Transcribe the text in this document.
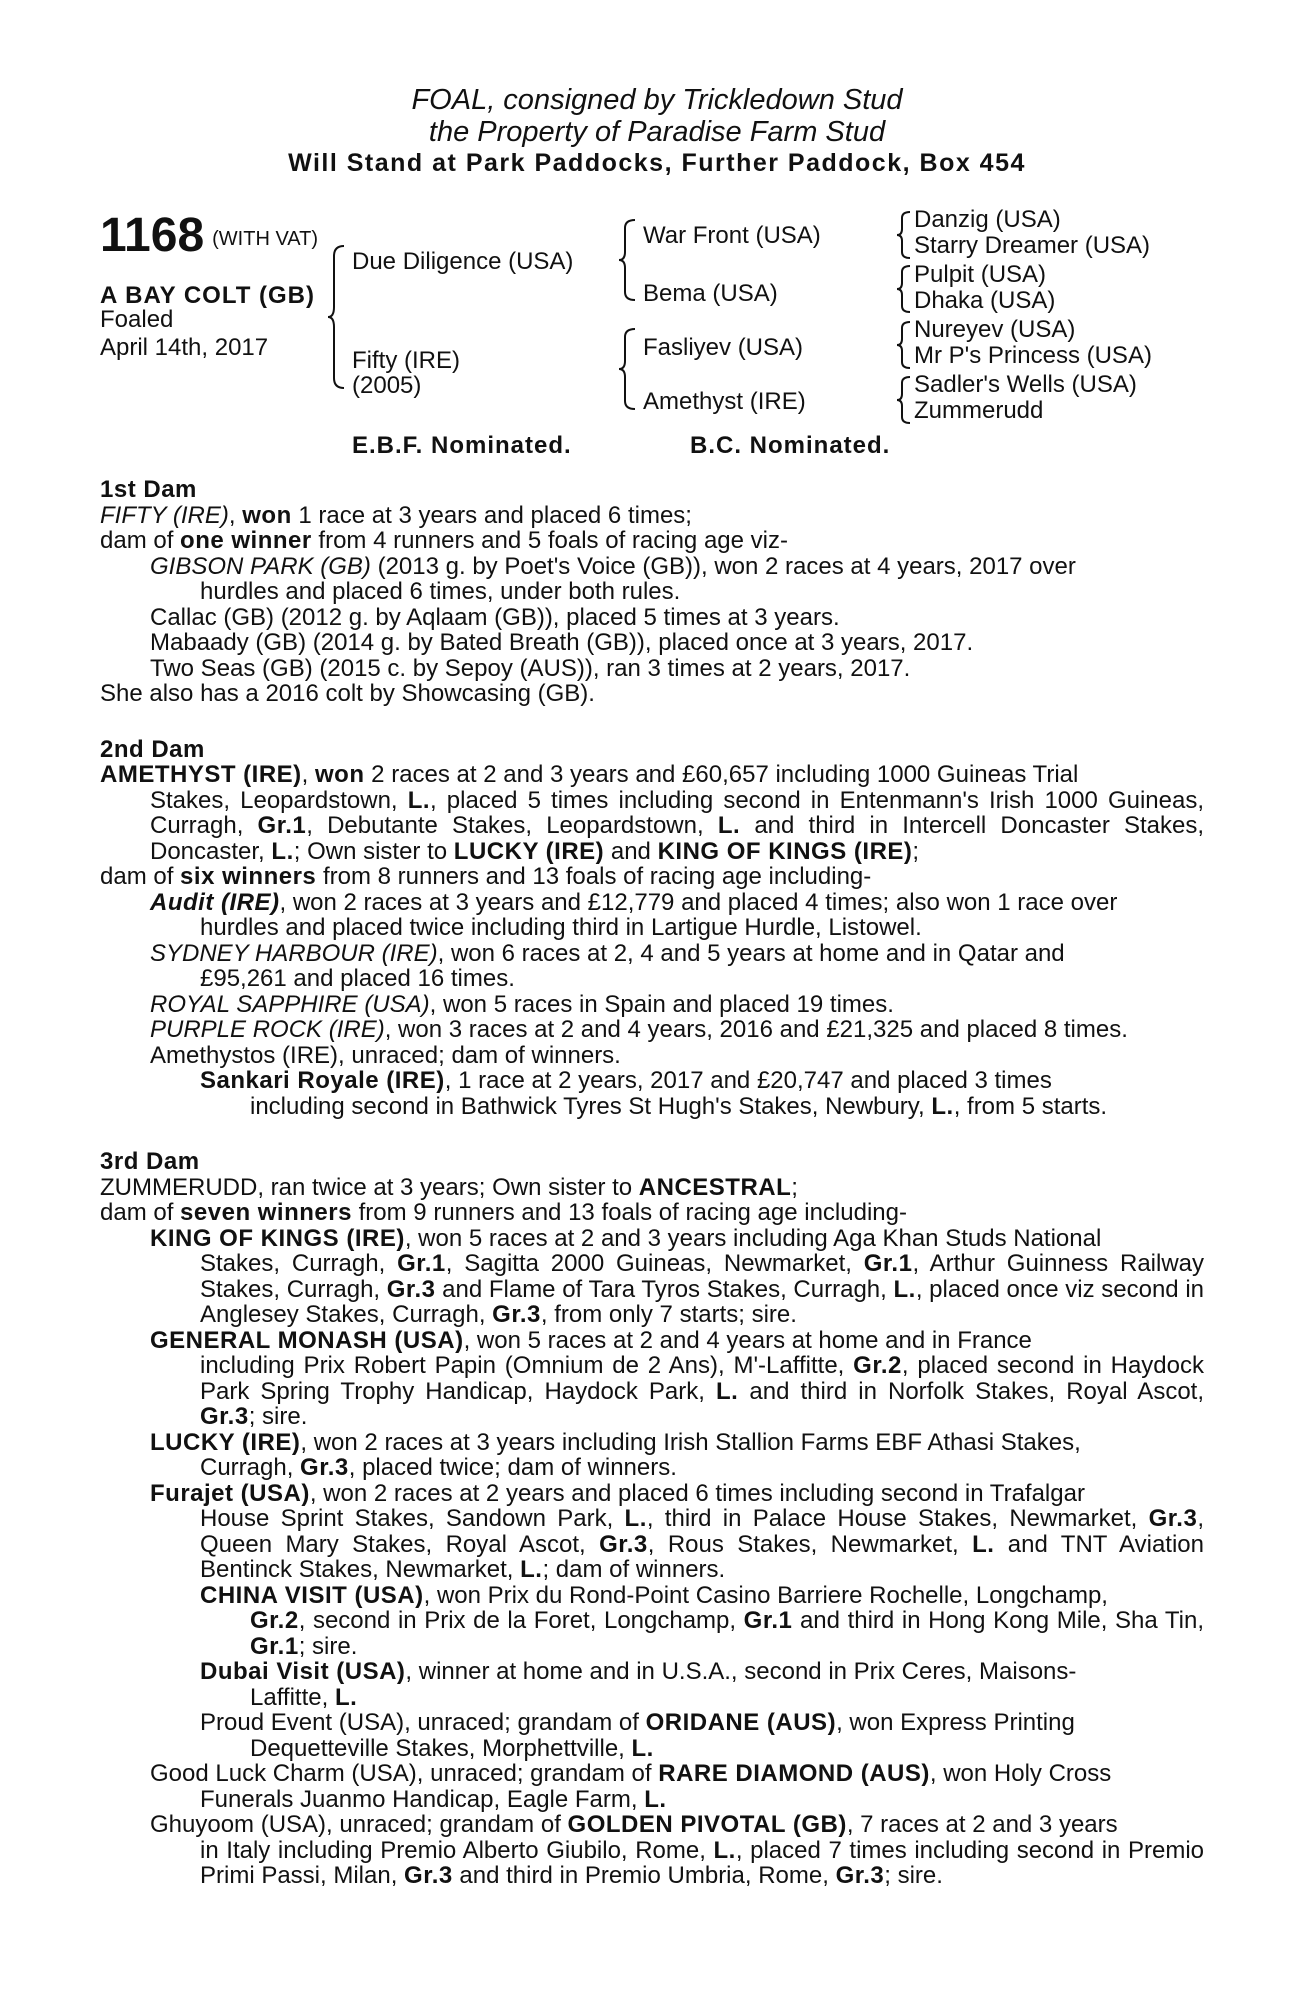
FOAL, consigned by Trickledown Stud
the Property of Paradise Farm Stud
Will Stand at Park Paddocks, Further Paddock, Box 454
1168 (WITH VAT)
A BAY COLT (GB)
Foaled
April 14th, 2017
Due Diligence (USA)
Fifty (IRE)
(2005)
War Front (USA)
Bema (USA)
Fasliyev (USA)
Amethyst (IRE)
Danzig (USA)
Starry Dreamer (USA)
Pulpit (USA)
Dhaka (USA)
Nureyev (USA)
Mr P's Princess (USA)
Sadler's Wells (USA)
Zummerudd
E.B.F. Nominated.	B.C. Nominated.
1st Dam
FIFTY (IRE), won 1 race at 3 years and placed 6 times;
dam of one winner from 4 runners and 5 foals of racing age viz-
GIBSON PARK (GB) (2013 g. by Poet's Voice (GB)), won 2 races at 4 years, 2017 over
hurdles and placed 6 times, under both rules.
Callac (GB) (2012 g. by Aqlaam (GB)), placed 5 times at 3 years.
Mabaady (GB) (2014 g. by Bated Breath (GB)), placed once at 3 years, 2017.
Two Seas (GB) (2015 c. by Sepoy (AUS)), ran 3 times at 2 years, 2017.
She also has a 2016 colt by Showcasing (GB).
2nd Dam
AMETHYST (IRE), won 2 races at 2 and 3 years and £60,657 including 1000 Guineas Trial
Stakes, Leopardstown, L., placed 5 times including second in Entenmann's Irish 1000 Guineas, Curragh, Gr.1, Debutante Stakes, Leopardstown, L. and third in Intercell Doncaster Stakes, Doncaster, L.; Own sister to LUCKY (IRE) and KING OF KINGS (IRE);
dam of six winners from 8 runners and 13 foals of racing age including-
Audit (IRE), won 2 races at 3 years and £12,779 and placed 4 times; also won 1 race over
hurdles and placed twice including third in Lartigue Hurdle, Listowel.
SYDNEY HARBOUR (IRE), won 6 races at 2, 4 and 5 years at home and in Qatar and
£95,261 and placed 16 times.
ROYAL SAPPHIRE (USA), won 5 races in Spain and placed 19 times.
PURPLE ROCK (IRE), won 3 races at 2 and 4 years, 2016 and £21,325 and placed 8 times.
Amethystos (IRE), unraced; dam of winners.
Sankari Royale (IRE), 1 race at 2 years, 2017 and £20,747 and placed 3 times
including second in Bathwick Tyres St Hugh's Stakes, Newbury, L., from 5 starts.
3rd Dam
ZUMMERUDD, ran twice at 3 years; Own sister to ANCESTRAL;
dam of seven winners from 9 runners and 13 foals of racing age including-
KING OF KINGS (IRE), won 5 races at 2 and 3 years including Aga Khan Studs National
Stakes, Curragh, Gr.1, Sagitta 2000 Guineas, Newmarket, Gr.1, Arthur Guinness Railway Stakes, Curragh, Gr.3 and Flame of Tara Tyros Stakes, Curragh, L., placed once viz second in Anglesey Stakes, Curragh, Gr.3, from only 7 starts; sire.
GENERAL MONASH (USA), won 5 races at 2 and 4 years at home and in France
including Prix Robert Papin (Omnium de 2 Ans), M'-Laffitte, Gr.2, placed second in Haydock Park Spring Trophy Handicap, Haydock Park, L. and third in Norfolk Stakes, Royal Ascot, Gr.3; sire.
LUCKY (IRE), won 2 races at 3 years including Irish Stallion Farms EBF Athasi Stakes,
Curragh, Gr.3, placed twice; dam of winners.
Furajet (USA), won 2 races at 2 years and placed 6 times including second in Trafalgar
House Sprint Stakes, Sandown Park, L., third in Palace House Stakes, Newmarket, Gr.3, Queen Mary Stakes, Royal Ascot, Gr.3, Rous Stakes, Newmarket, L. and TNT Aviation Bentinck Stakes, Newmarket, L.; dam of winners.
CHINA VISIT (USA), won Prix du Rond-Point Casino Barriere Rochelle, Longchamp,
Gr.2, second in Prix de la Foret, Longchamp, Gr.1 and third in Hong Kong Mile, Sha Tin, Gr.1; sire.
Dubai Visit (USA), winner at home and in U.S.A., second in Prix Ceres, Maisons-
Laffitte, L.
Proud Event (USA), unraced; grandam of ORIDANE (AUS), won Express Printing
Dequetteville Stakes, Morphettville, L.
Good Luck Charm (USA), unraced; grandam of RARE DIAMOND (AUS), won Holy Cross
Funerals Juanmo Handicap, Eagle Farm, L.
Ghuyoom (USA), unraced; grandam of GOLDEN PIVOTAL (GB), 7 races at 2 and 3 years
in Italy including Premio Alberto Giubilo, Rome, L., placed 7 times including second in Premio Primi Passi, Milan, Gr.3 and third in Premio Umbria, Rome, Gr.3; sire.
